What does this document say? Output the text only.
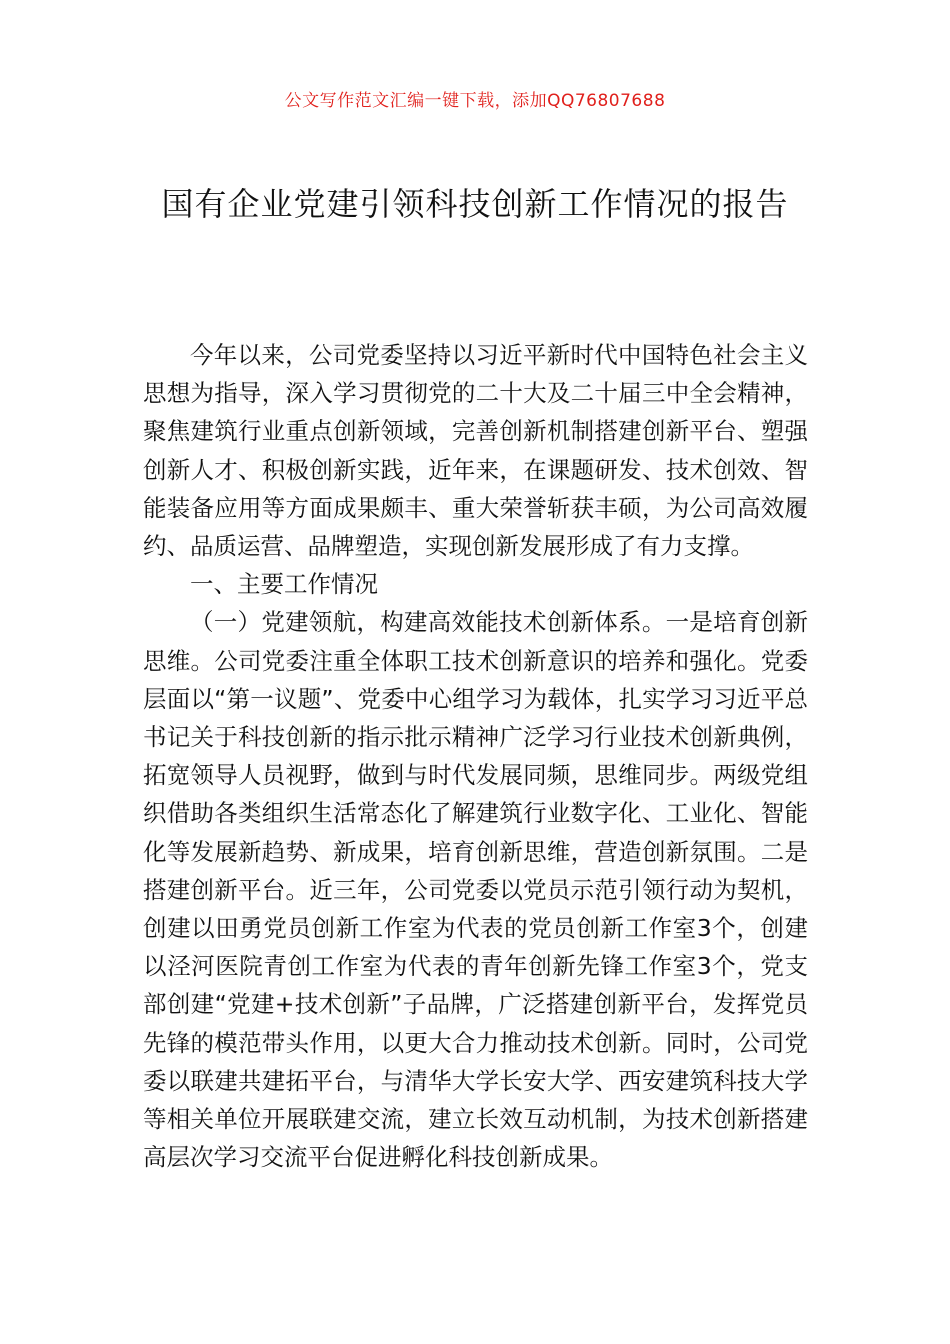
公文写作范文汇编一键下载，添加QQ76807688
国有企业党建引领科技创新工作情况的报告

今年以来，公司党委坚持以习近平新时代中国特色社会主义思想为指导，深入学习贯彻党的二十大及二十届三中全会精神，聚焦建筑行业重点创新领域，完善创新机制搭建创新平台、塑强创新人才、积极创新实践，近年来，在课题研发、技术创效、智能装备应用等方面成果颇丰、重大荣誉斩获丰硕，为公司高效履约、品质运营、品牌塑造，实现创新发展形成了有力支撑。

一、主要工作情况

（一）党建领航，构建高效能技术创新体系。一是培育创新思维。公司党委注重全体职工技术创新意识的培养和强化。党委层面以“第一议题”、党委中心组学习为载体，扎实学习习近平总书记关于科技创新的指示批示精神广泛学习行业技术创新典例，拓宽领导人员视野，做到与时代发展同频，思维同步。两级党组织借助各类组织生活常态化了解建筑行业数字化、工业化、智能化等发展新趋势、新成果，培育创新思维，营造创新氛围。二是搭建创新平台。近三年，公司党委以党员示范引领行动为契机，创建以田勇党员创新工作室为代表的党员创新工作室3个，创建以泾河医院青创工作室为代表的青年创新先锋工作室3个，党支部创建“党建+技术创新”子品牌，广泛搭建创新平台，发挥党员先锋的模范带头作用，以更大合力推动技术创新。同时，公司党委以联建共建拓平台，与清华大学长安大学、西安建筑科技大学等相关单位开展联建交流，建立长效互动机制，为技术创新搭建高层次学习交流平台促进孵化科技创新成果。
